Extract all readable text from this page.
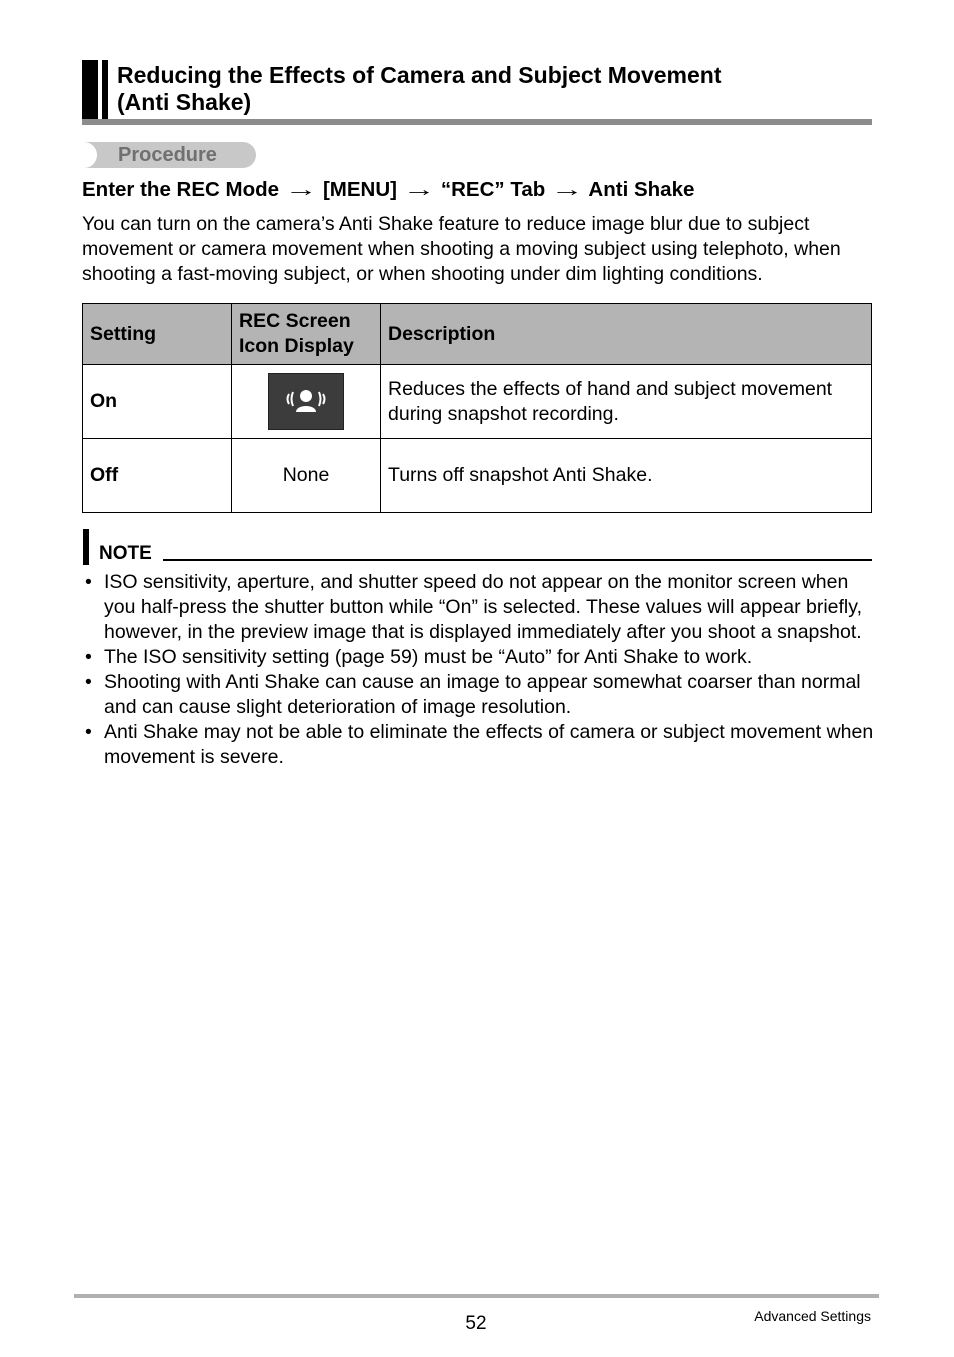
Reducing the Effects of Camera and Subject Movement
(Anti Shake)
Procedure
Enter the REC Mode → [MENU] → “REC” Tab → Anti Shake

You can turn on the camera’s Anti Shake feature to reduce image blur due to subject movement or camera movement when shooting a moving subject using telephoto, when shooting a fast-moving subject, or when shooting under dim lighting conditions.

Setting	REC Screen Icon Display	Description
On		Reduces the effects of hand and subject movement during snapshot recording.
Off	None	Turns off snapshot Anti Shake.
NOTE
• ISO sensitivity, aperture, and shutter speed do not appear on the monitor screen when you half-press the shutter button while “On” is selected. These values will appear briefly, however, in the preview image that is displayed immediately after you shoot a snapshot.
• The ISO sensitivity setting (page 59) must be “Auto” for Anti Shake to work.
• Shooting with Anti Shake can cause an image to appear somewhat coarser than normal and can cause slight deterioration of image resolution.
• Anti Shake may not be able to eliminate the effects of camera or subject movement when movement is severe.
52	Advanced Settings
